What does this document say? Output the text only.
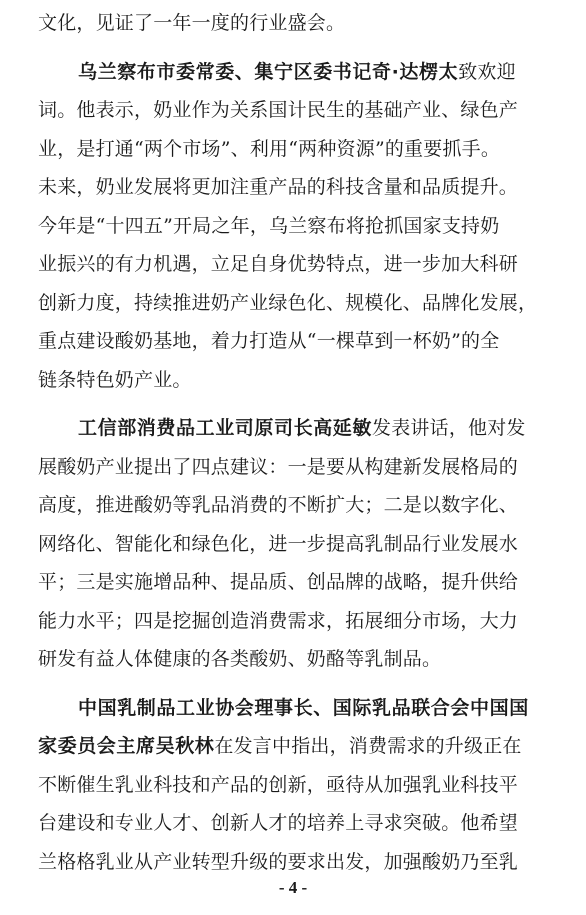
文化，见证了一年一度的行业盛会。
乌兰察布市委常委、集宁区委书记奇·达楞太致欢迎
词。他表示，奶业作为关系国计民生的基础产业、绿色产
业，是打通“两个市场”、利用“两种资源”的重要抓手。
未来，奶业发展将更加注重产品的科技含量和品质提升。
今年是“十四五”开局之年，乌兰察布将抢抓国家支持奶
业振兴的有力机遇，立足自身优势特点，进一步加大科研
创新力度，持续推进奶产业绿色化、规模化、品牌化发展，
重点建设酸奶基地，着力打造从“一棵草到一杯奶”的全
链条特色奶产业。
工信部消费品工业司原司长高延敏发表讲话，他对发
展酸奶产业提出了四点建议：一是要从构建新发展格局的
高度，推进酸奶等乳品消费的不断扩大；二是以数字化、
网络化、智能化和绿色化，进一步提高乳制品行业发展水
平；三是实施增品种、提品质、创品牌的战略，提升供给
能力水平；四是挖掘创造消费需求，拓展细分市场，大力
研发有益人体健康的各类酸奶、奶酪等乳制品。
中国乳制品工业协会理事长、国际乳品联合会中国国
家委员会主席吴秋林在发言中指出，消费需求的升级正在
不断催生乳业科技和产品的创新，亟待从加强乳业科技平
台建设和专业人才、创新人才的培养上寻求突破。他希望
兰格格乳业从产业转型升级的要求出发，加强酸奶乃至乳
- 4 -
